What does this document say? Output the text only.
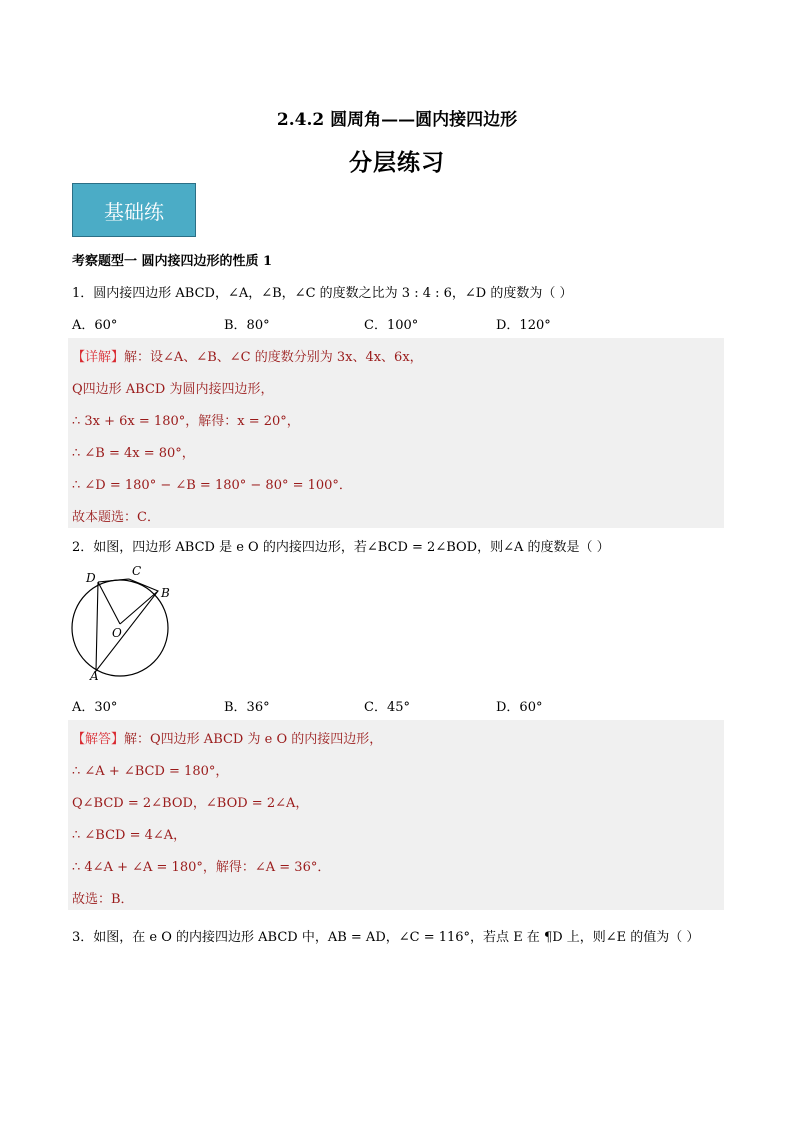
2.4.2 圆周角——圆内接四边形
分层练习
基础练
考察题型一 圆内接四边形的性质 1
1．圆内接四边形 ABCD，∠A，∠B，∠C 的度数之比为 3 : 4 : 6，∠D 的度数为（ ）
A．60°	B．80°	C．100°	D．120°
【详解】解：设∠A、∠B、∠C 的度数分别为 3x、4x、6x，
Q四边形 ABCD 为圆内接四边形，
∴ 3x + 6x = 180°，解得：x = 20°，
∴ ∠B = 4x = 80°，
∴ ∠D = 180° − ∠B = 180° − 80° = 100°．
故本题选：C．
2．如图，四边形 ABCD 是 e O 的内接四边形，若∠BCD = 2∠BOD，则∠A 的度数是（ ）
D	C
B
O
A
A．30°	B．36°	C．45°	D．60°
【解答】解：Q四边形 ABCD 为 e O 的内接四边形，
∴ ∠A + ∠BCD = 180°，
Q∠BCD = 2∠BOD，∠BOD = 2∠A，
∴ ∠BCD = 4∠A，
∴ 4∠A + ∠A = 180°，解得：∠A = 36°．
故选：B．
3．如图，在 e O 的内接四边形 ABCD 中，AB = AD，∠C = 116°，若点 E 在 ¶D 上，则∠E 的值为（ ）
